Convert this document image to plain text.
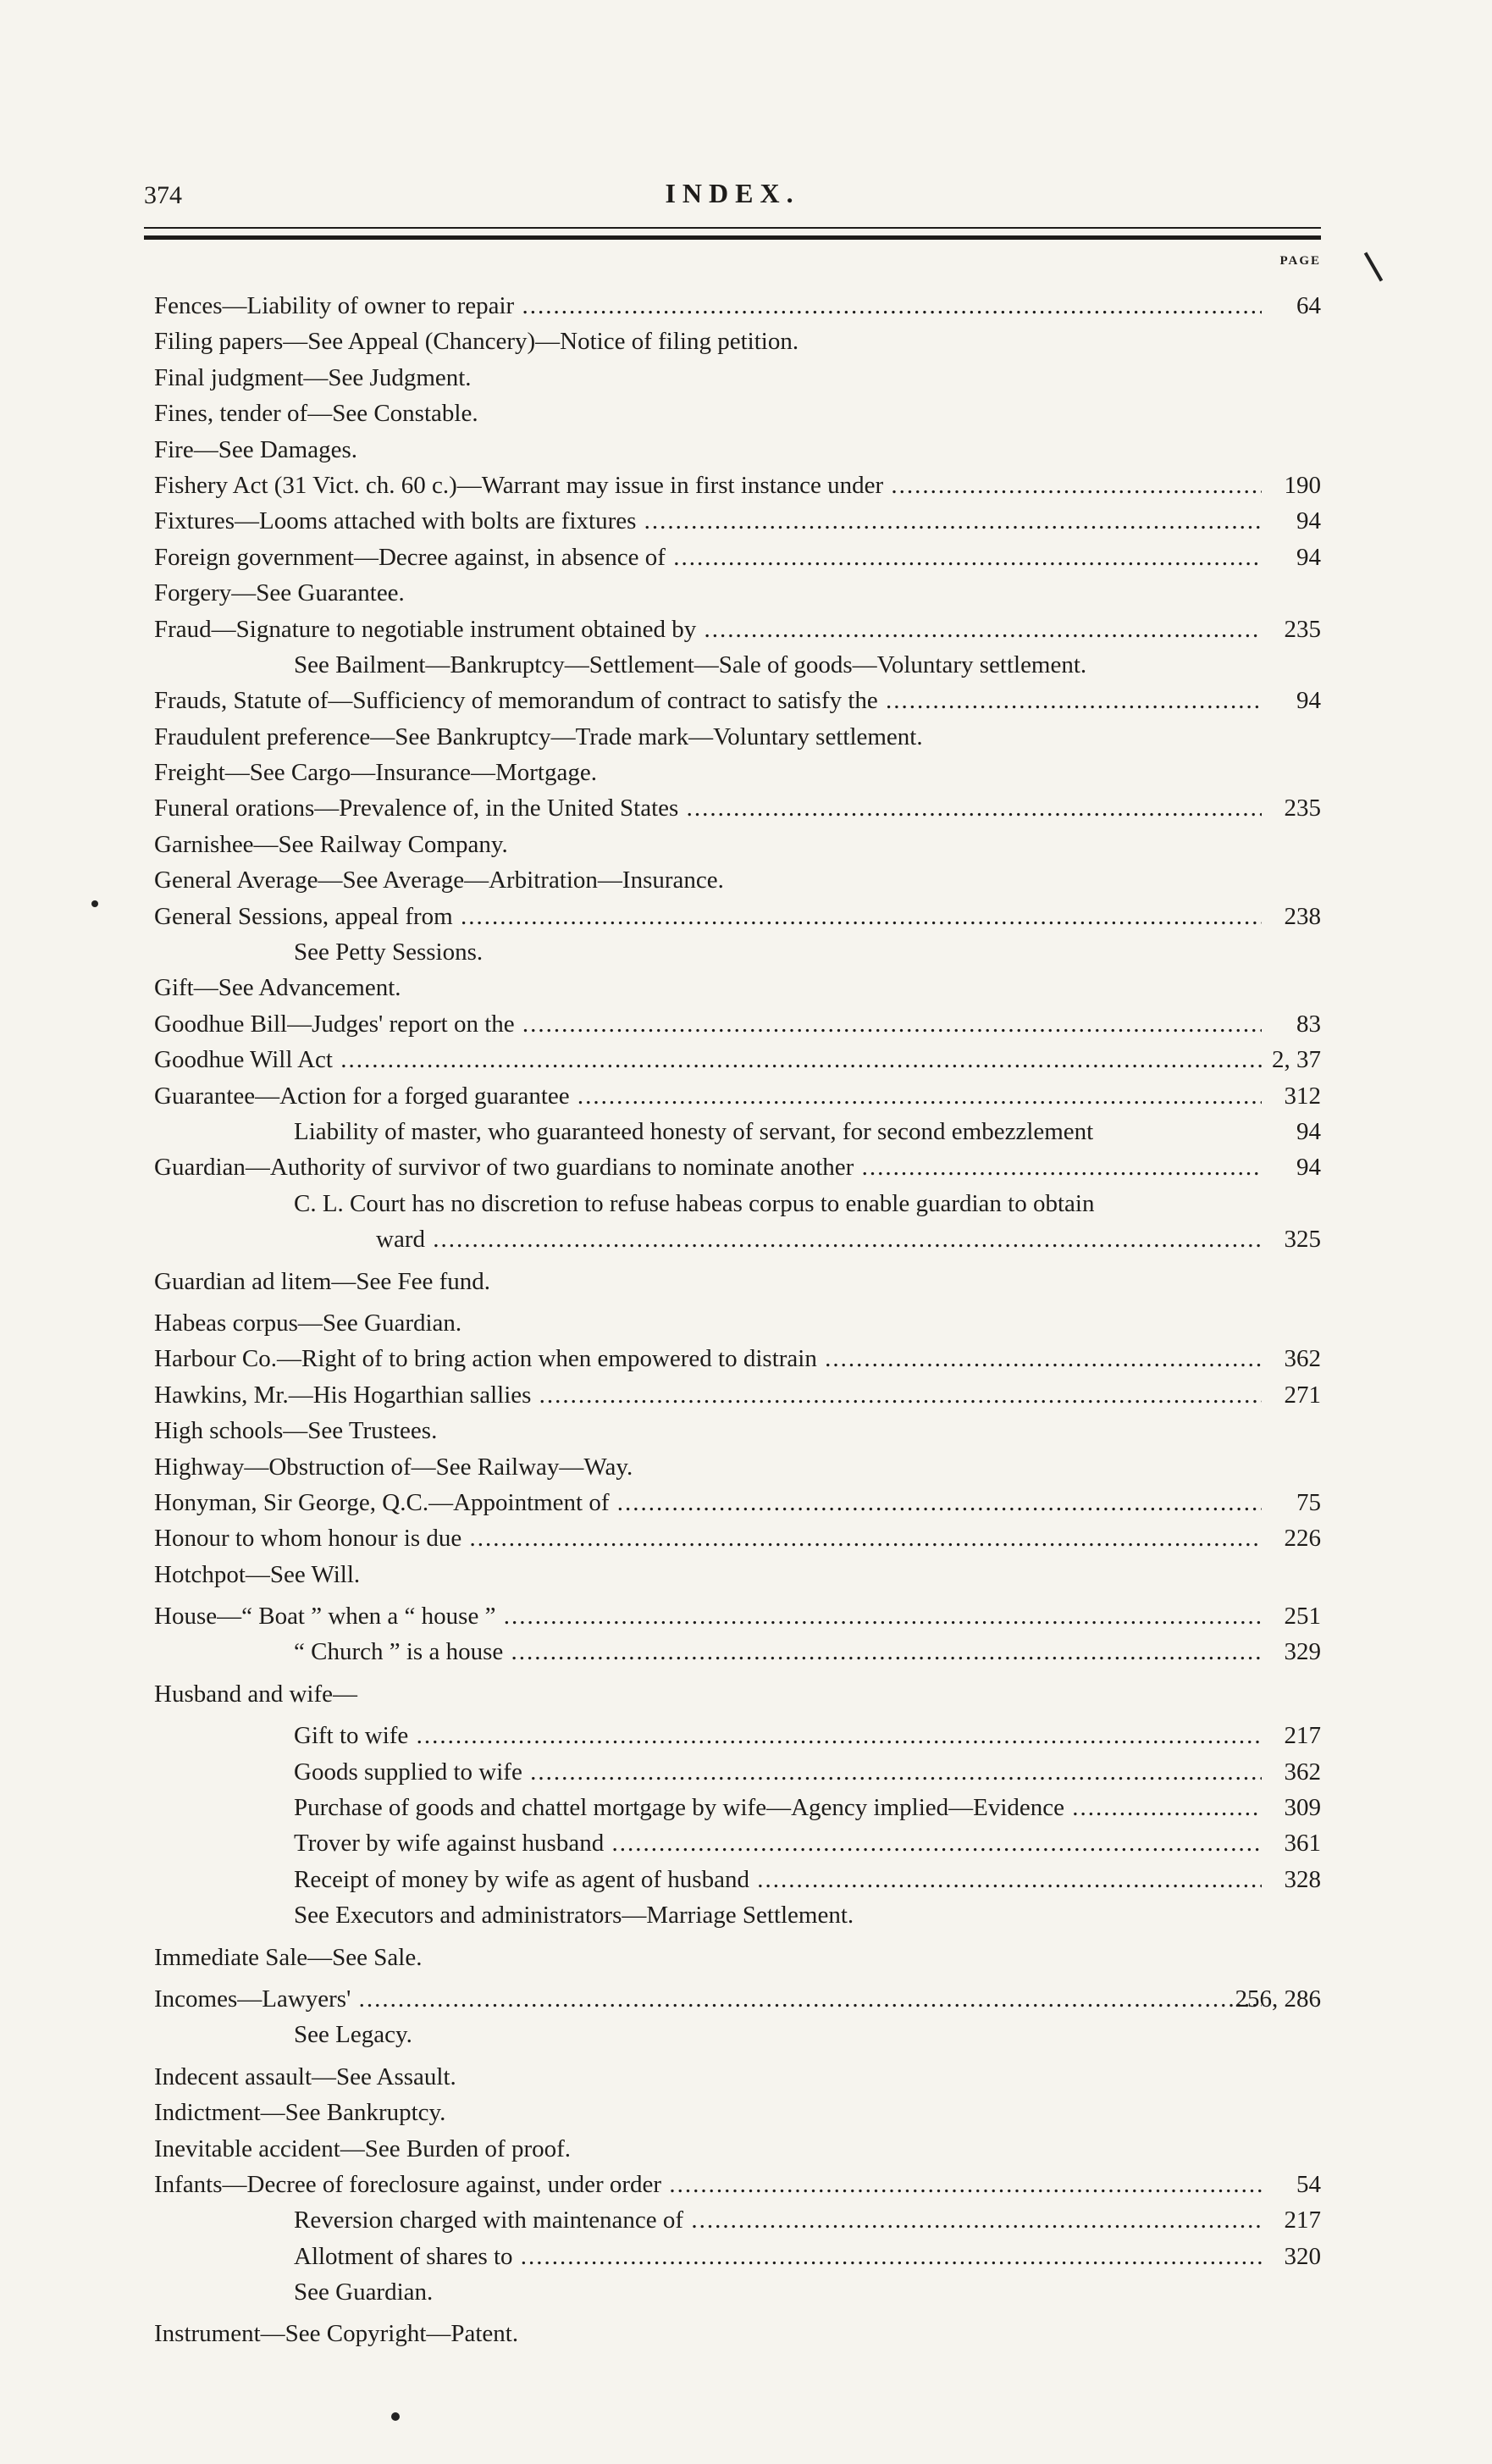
374	INDEX.
PAGE
Fences—Liability of owner to repair .....	64
Filing papers—See Appeal (Chancery)—Notice of filing petition.
Final judgment—See Judgment.
Fines, tender of—See Constable.
Fire—See Damages.
Fishery Act (31 Vict. ch. 60 c.)—Warrant may issue in first instance under .....	190
Fixtures—Looms attached with bolts are fixtures .....	94
Foreign government—Decree against, in absence of .....	94
Forgery—See Guarantee.
Fraud—Signature to negotiable instrument obtained by .....	235
See Bailment—Bankruptcy—Settlement—Sale of goods—Voluntary settlement.
Frauds, Statute of—Sufficiency of memorandum of contract to satisfy the .....	94
Fraudulent preference—See Bankruptcy—Trade mark—Voluntary settlement.
Freight—See Cargo—Insurance—Mortgage.
Funeral orations—Prevalence of, in the United States .....	235
Garnishee—See Railway Company.
General Average—See Average—Arbitration—Insurance.
General Sessions, appeal from .....	238
See Petty Sessions.
Gift—See Advancement.
Goodhue Bill—Judges' report on the .....	83
Goodhue Will Act .....	2, 37
Guarantee—Action for a forged guarantee .....	312
Liability of master, who guaranteed honesty of servant, for second embezzlement	94
Guardian—Authority of survivor of two guardians to nominate another .....	94
C. L. Court has no discretion to refuse habeas corpus to enable guardian to obtain
ward .....	325
Guardian ad litem—See Fee fund.
Habeas corpus—See Guardian.
Harbour Co.—Right of to bring action when empowered to distrain .....	362
Hawkins, Mr.—His Hogarthian sallies .....	271
High schools—See Trustees.
Highway—Obstruction of—See Railway—Way.
Honyman, Sir George, Q.C.—Appointment of .....	75
Honour to whom honour is due .....	226
Hotchpot—See Will.
House—“ Boat ” when a “ house ” .....	251
“ Church ” is a house .....	329
Husband and wife—
Gift to wife .....	217
Goods supplied to wife .....	362
Purchase of goods and chattel mortgage by wife—Agency implied—Evidence .....	309
Trover by wife against husband .....	361
Receipt of money by wife as agent of husband .....	328
See Executors and administrators—Marriage Settlement.
Immediate Sale—See Sale.
Incomes—Lawyers' .....	256, 286
See Legacy.
Indecent assault—See Assault.
Indictment—See Bankruptcy.
Inevitable accident—See Burden of proof.
Infants—Decree of foreclosure against, under order .....	54
Reversion charged with maintenance of .....	217
Allotment of shares to .....	320
See Guardian.
Instrument—See Copyright—Patent.
